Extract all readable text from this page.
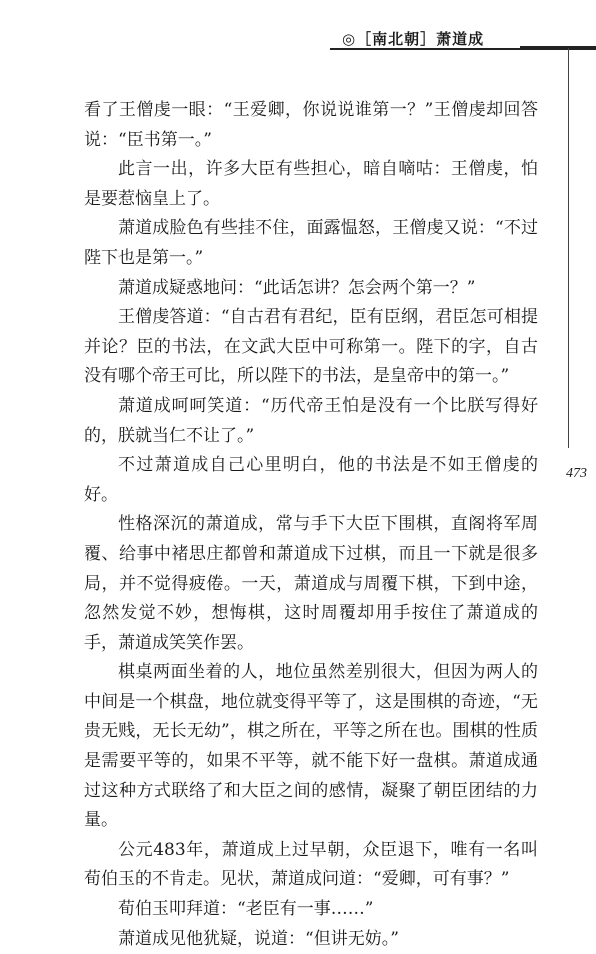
◎［南北朝］萧道成
473

看了王僧虔一眼：“王爱卿，你说说谁第一？”王僧虔却回答说：“臣书第一。”

此言一出，许多大臣有些担心，暗自嘀咕：王僧虔，怕是要惹恼皇上了。

萧道成脸色有些挂不住，面露愠怒，王僧虔又说：“不过陛下也是第一。”

萧道成疑惑地问：“此话怎讲？怎会两个第一？”

王僧虔答道：“自古君有君纪，臣有臣纲，君臣怎可相提并论？臣的书法，在文武大臣中可称第一。陛下的字，自古没有哪个帝王可比，所以陛下的书法，是皇帝中的第一。”

萧道成呵呵笑道：“历代帝王怕是没有一个比朕写得好的，朕就当仁不让了。”

不过萧道成自己心里明白，他的书法是不如王僧虔的好。

性格深沉的萧道成，常与手下大臣下围棋，直阁将军周覆、给事中褚思庄都曾和萧道成下过棋，而且一下就是很多局，并不觉得疲倦。一天，萧道成与周覆下棋，下到中途，忽然发觉不妙，想悔棋，这时周覆却用手按住了萧道成的手，萧道成笑笑作罢。

棋桌两面坐着的人，地位虽然差别很大，但因为两人的中间是一个棋盘，地位就变得平等了，这是围棋的奇迹，“无贵无贱，无长无幼”，棋之所在，平等之所在也。围棋的性质是需要平等的，如果不平等，就不能下好一盘棋。萧道成通过这种方式联络了和大臣之间的感情，凝聚了朝臣团结的力量。

公元483年，萧道成上过早朝，众臣退下，唯有一名叫荀伯玉的不肯走。见状，萧道成问道：“爱卿，可有事？”

荀伯玉叩拜道：“老臣有一事……”

萧道成见他犹疑，说道：“但讲无妨。”
